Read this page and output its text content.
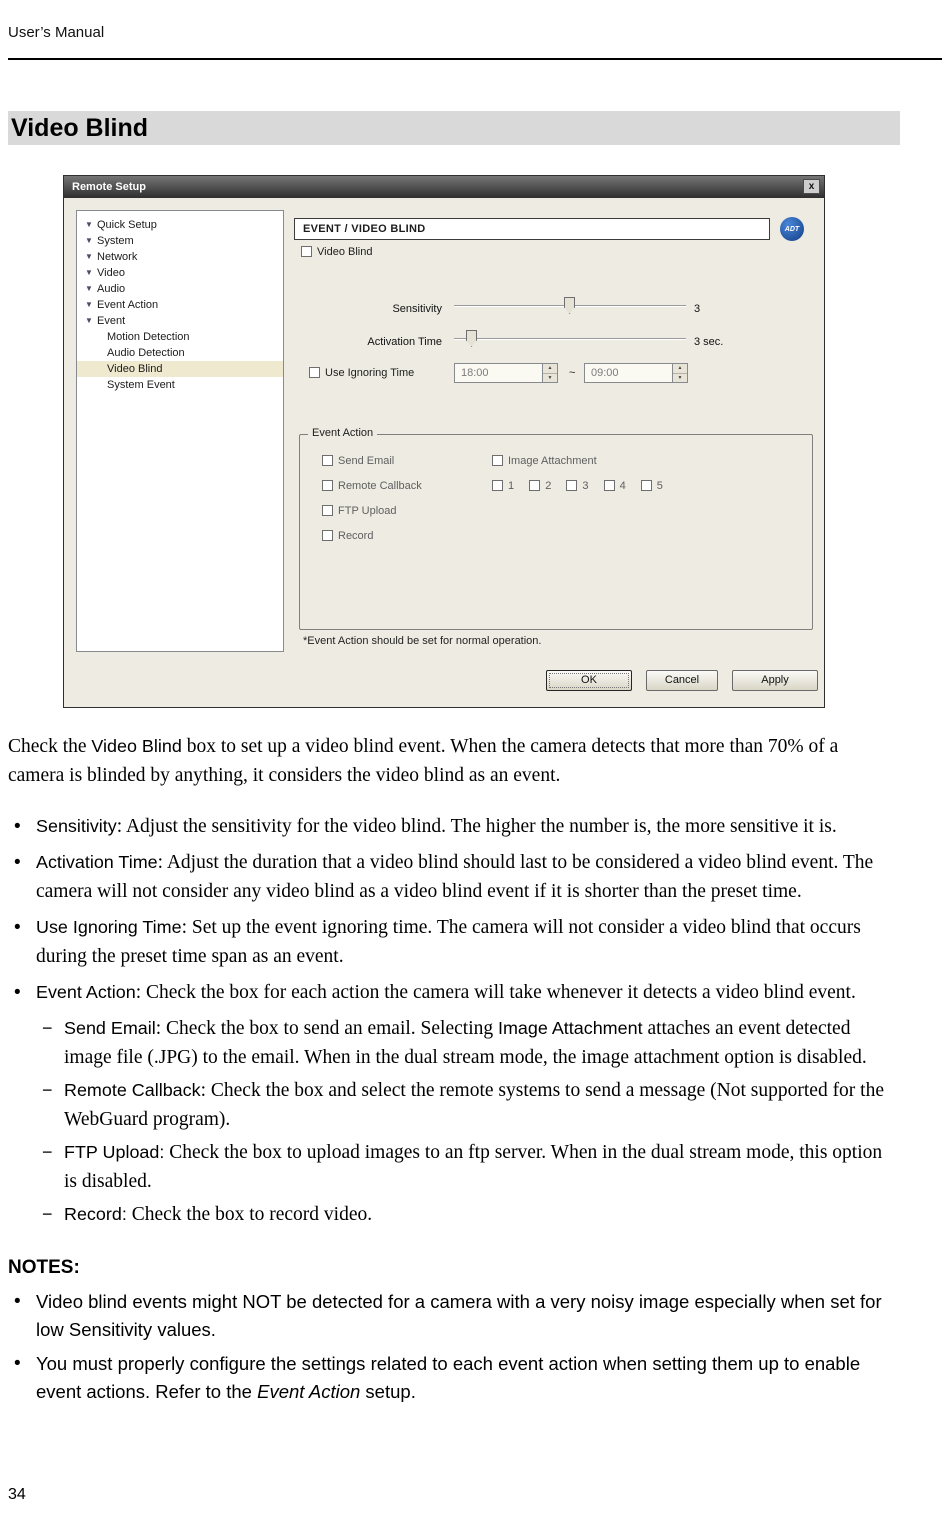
User’s Manual
Video Blind
Remote Setup	x
▼ Quick Setup
▼ System
▼ Network
▼ Video
▼ Audio
▼ Event Action
▼ Event
Motion Detection
Audio Detection
Video Blind
System Event
EVENT / VIDEO BLIND	ADT
Video Blind
Sensitivity	3
Activation Time	3 sec.
Use Ignoring Time	18:00	▲
▼	~ 09:00	▲
▼
Event Action
Send Email	Image Attachment
Remote Callback	1	2	3	4	5
FTP Upload
Record
*Event Action should be set for normal operation.
OK	Cancel	Apply

Check the Video Blind box to set up a video blind event. When the camera detects that more than 70% of a camera is blinded by anything, it considers the video blind as an event.

• Sensitivity: Adjust the sensitivity for the video blind. The higher the number is, the more sensitive it is.
• Activation Time: Adjust the duration that a video blind should last to be considered a video blind event. The camera will not consider any video blind as a video blind event if it is shorter than the preset time.
• Use Ignoring Time: Set up the event ignoring time. The camera will not consider a video blind that occurs during the preset time span as an event.
• Event Action: Check the box for each action the camera will take whenever it detects a video blind event.
− Send Email: Check the box to send an email. Selecting Image Attachment attaches an event detected image file (.JPG) to the email. When in the dual stream mode, the image attachment option is disabled.
− Remote Callback: Check the box and select the remote systems to send a message (Not supported for the WebGuard program).
− FTP Upload: Check the box to upload images to an ftp server. When in the dual stream mode, this option is disabled.
− Record: Check the box to record video.
NOTES:
• Video blind events might NOT be detected for a camera with a very noisy image especially when set for low Sensitivity values.
• You must properly configure the settings related to each event action when setting them up to enable event actions. Refer to the Event Action setup.
34
